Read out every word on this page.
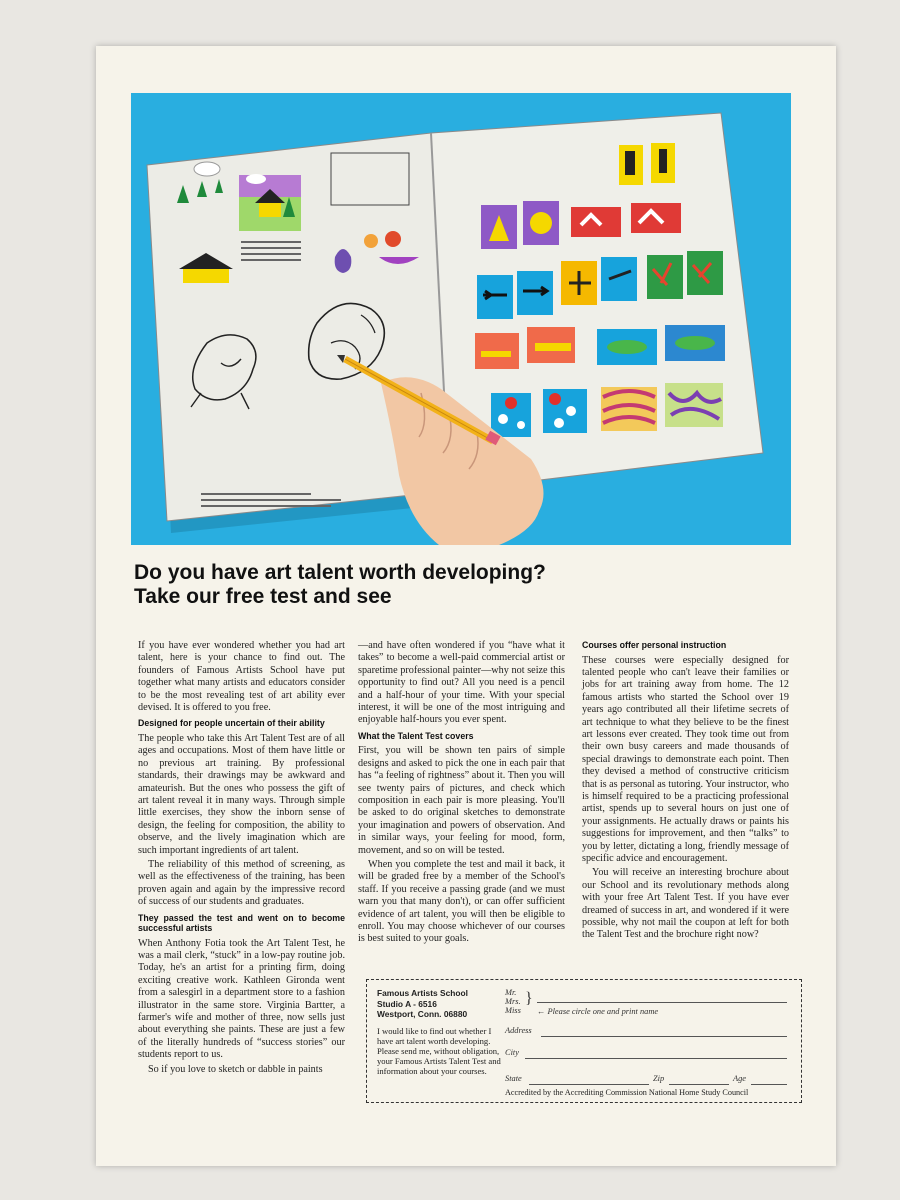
Do you have art talent worth developing?
Take our free test and see

If you have ever wondered whether you had art talent, here is your chance to find out. The founders of Famous Artists School have put together what many artists and educators consider to be the most revealing test of art ability ever devised. It is offered to you free.

Designed for people uncertain of their ability

The people who take this Art Talent Test are of all ages and occupations. Most of them have little or no previous art training. By professional standards, their drawings may be awkward and amateurish. But the ones who possess the gift of art talent reveal it in many ways. Through simple little exercises, they show the inborn sense of design, the feeling for composition, the ability to observe, and the lively imagination which are such important ingredients of art talent.

The reliability of this method of screening, as well as the effectiveness of the training, has been proven again and again by the impressive record of success of our students and graduates.

They passed the test and went on to become successful artists

When Anthony Fotia took the Art Talent Test, he was a mail clerk, “stuck” in a low-pay routine job. Today, he's an artist for a printing firm, doing exciting creative work. Kathleen Gironda went from a salesgirl in a department store to a fashion illustrator in the same store. Virginia Bartter, a farmer's wife and mother of three, now sells just about everything she paints. These are just a few of the literally hundreds of “success stories” our students report to us.

So if you love to sketch or dabble in paints

—and have often wondered if you “have what it takes” to become a well-paid commercial artist or sparetime professional painter—why not seize this opportunity to find out? All you need is a pencil and a half-hour of your time. With your special interest, it will be one of the most intriguing and enjoyable half-hours you ever spent.

What the Talent Test covers

First, you will be shown ten pairs of simple designs and asked to pick the one in each pair that has “a feeling of rightness” about it. Then you will see twenty pairs of pictures, and check which composition in each pair is more pleasing. You'll be asked to do original sketches to demonstrate your imagination and powers of observation. And in similar ways, your feeling for mood, form, movement, and so on will be tested.

When you complete the test and mail it back, it will be graded free by a member of the School's staff. If you receive a passing grade (and we must warn you that many don't), or can offer sufficient evidence of art talent, you will then be eligible to enroll. You may choose whichever of our courses is best suited to your goals.

Courses offer personal instruction

These courses were especially designed for talented people who can't leave their families or jobs for art training away from home. The 12 famous artists who started the School over 19 years ago contributed all their lifetime secrets of art technique to what they believe to be the finest art lessons ever created. They took time out from their own busy careers and made thousands of special drawings to demonstrate each point. Then they devised a method of constructive criticism that is as personal as tutoring. Your instructor, who is himself required to be a practicing professional artist, spends up to several hours on just one of your assignments. He actually draws or paints his suggestions for improvement, and then “talks” to you by letter, dictating a long, friendly message of specific advice and encouragement.

You will receive an interesting brochure about our School and its revolutionary methods along with your free Art Talent Test. If you have ever dreamed of success in art, and wondered if it were possible, why not mail the coupon at left for both the Talent Test and the brochure right now?

Famous Artists School
Studio A - 6516
Westport, Conn. 06880
I would like to find out whether I have art talent worth developing. Please send me, without obligation, your Famous Artists Talent Test and information about your courses.
Mr.
Mrs.
Miss
}
← Please circle one and print name
Address
City
State	Zip	Age
Accredited by the Accrediting Commission National Home Study Council
